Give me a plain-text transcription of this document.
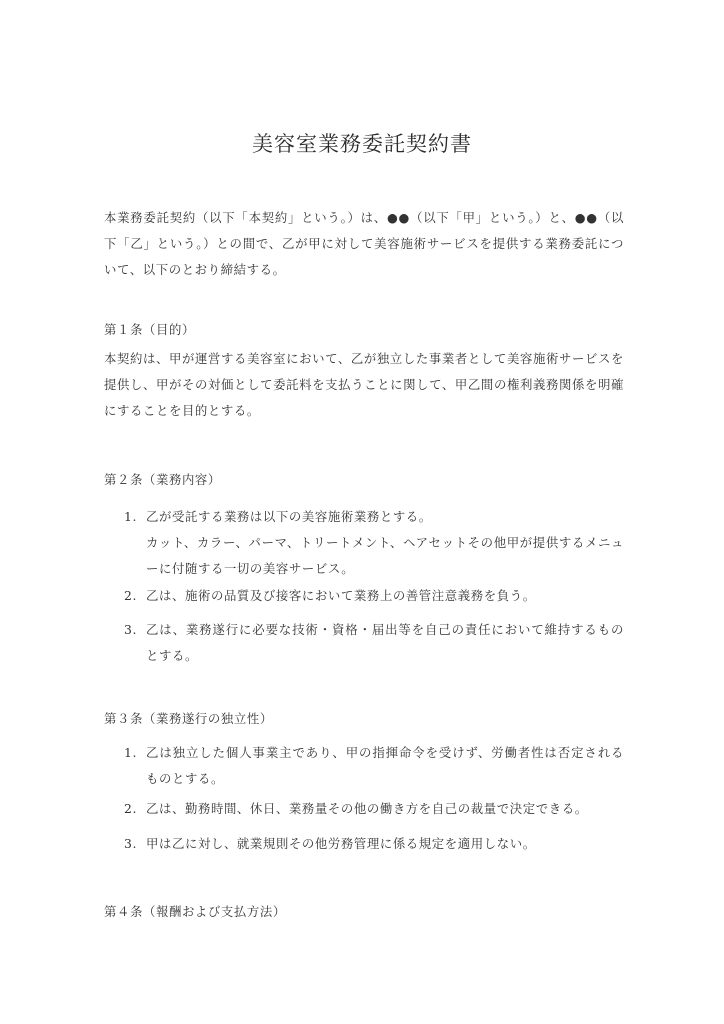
美容室業務委託契約書
本業務委託契約（以下「本契約」という。）は、●●（以下「甲」という。）と、●●（以下「乙」という。）との間で、乙が甲に対して美容施術サービスを提供する業務委託について、以下のとおり締結する。
第１条（目的）
本契約は、甲が運営する美容室において、乙が独立した事業者として美容施術サービスを提供し、甲がその対価として委託料を支払うことに関して、甲乙間の権利義務関係を明確にすることを目的とする。
第２条（業務内容）
1. 乙が受託する業務は以下の美容施術業務とする。
カット、カラー、パーマ、トリートメント、ヘアセットその他甲が提供するメニューに付随する一切の美容サービス。
2. 乙は、施術の品質及び接客において業務上の善管注意義務を負う。
3. 乙は、業務遂行に必要な技術・資格・届出等を自己の責任において維持するものとする。
第３条（業務遂行の独立性）
1. 乙は独立した個人事業主であり、甲の指揮命令を受けず、労働者性は否定されるものとする。
2. 乙は、勤務時間、休日、業務量その他の働き方を自己の裁量で決定できる。
3. 甲は乙に対し、就業規則その他労務管理に係る規定を適用しない。
第４条（報酬および支払方法）
